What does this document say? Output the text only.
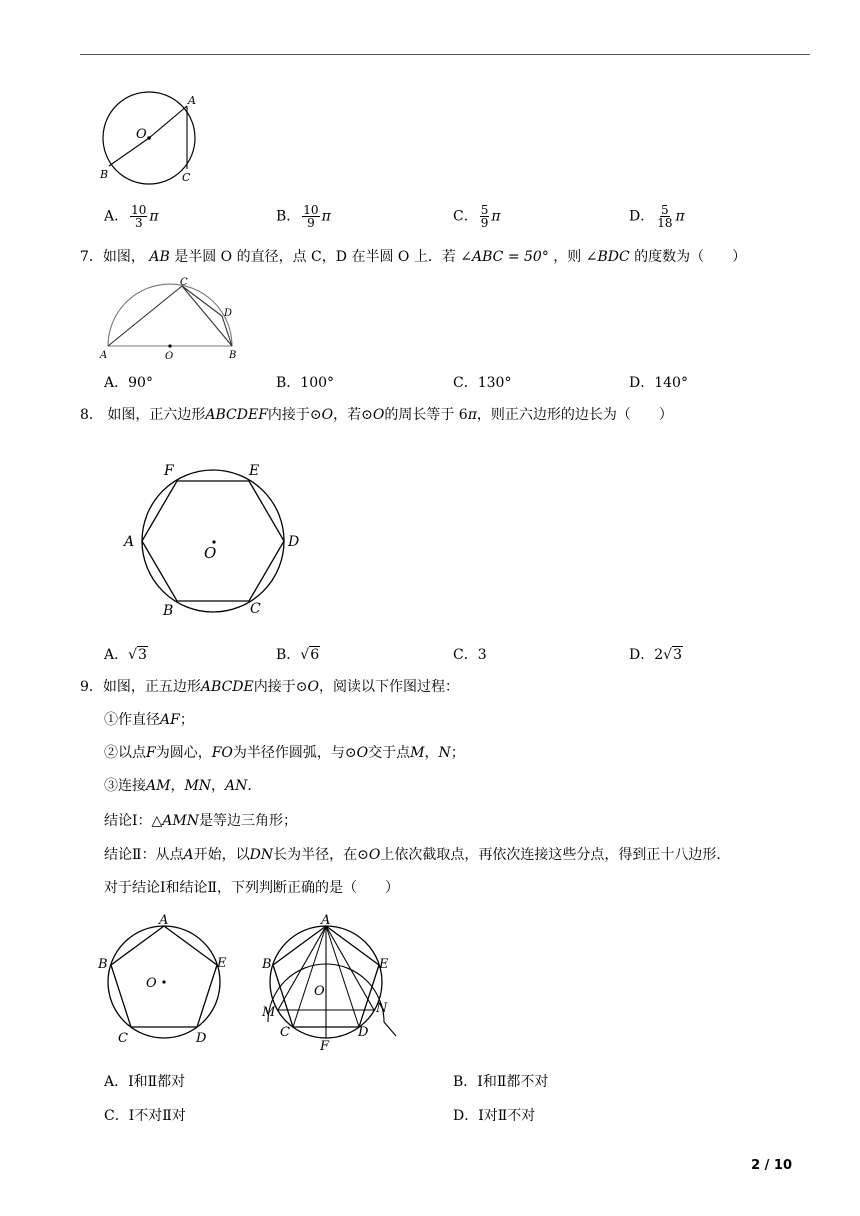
O
A
B	C
A． $\frac{10}{3}$ π	B． $\frac{10}{9}$ π	C． $\frac{5}{9}$ π	D． $\frac{5}{18}$ π
7．如图， AB 是半圆 O 的直径，点 C，D 在半圆 O 上．若 ∠ABC = 50° ，则 ∠BDC 的度数为（　　）
A	O	B
C
D
A．90°	B．100°	C．130°	D．140°
8． 如图，正六边形ABCDEF内接于⊙O，若⊙O的周长等于 6π，则正六边形的边长为（　　）
F	E
A
O
D
B	C
A．√3	B．√6	C．3	D．2√3
9．如图，正五边形ABCDE内接于⊙O，阅读以下作图过程：
①作直径AF；
②以点F为圆心，FO为半径作圆弧，与⊙O交于点M，N；
③连接AM，MN，AN．
结论Ⅰ：△AMN是等边三角形；
结论Ⅱ：从点A开始，以DN长为半径，在⊙O上依次截取点，再依次连接这些分点，得到正十八边形．
对于结论Ⅰ和结论Ⅱ，下列判断正确的是（　　）
A
B	E
O
C	D
A
B	E
O
M	N
C	D
F
A．Ⅰ和Ⅱ都对	B．Ⅰ和Ⅱ都不对
C．Ⅰ不对Ⅱ对	D．Ⅰ对Ⅱ不对
2 / 10
